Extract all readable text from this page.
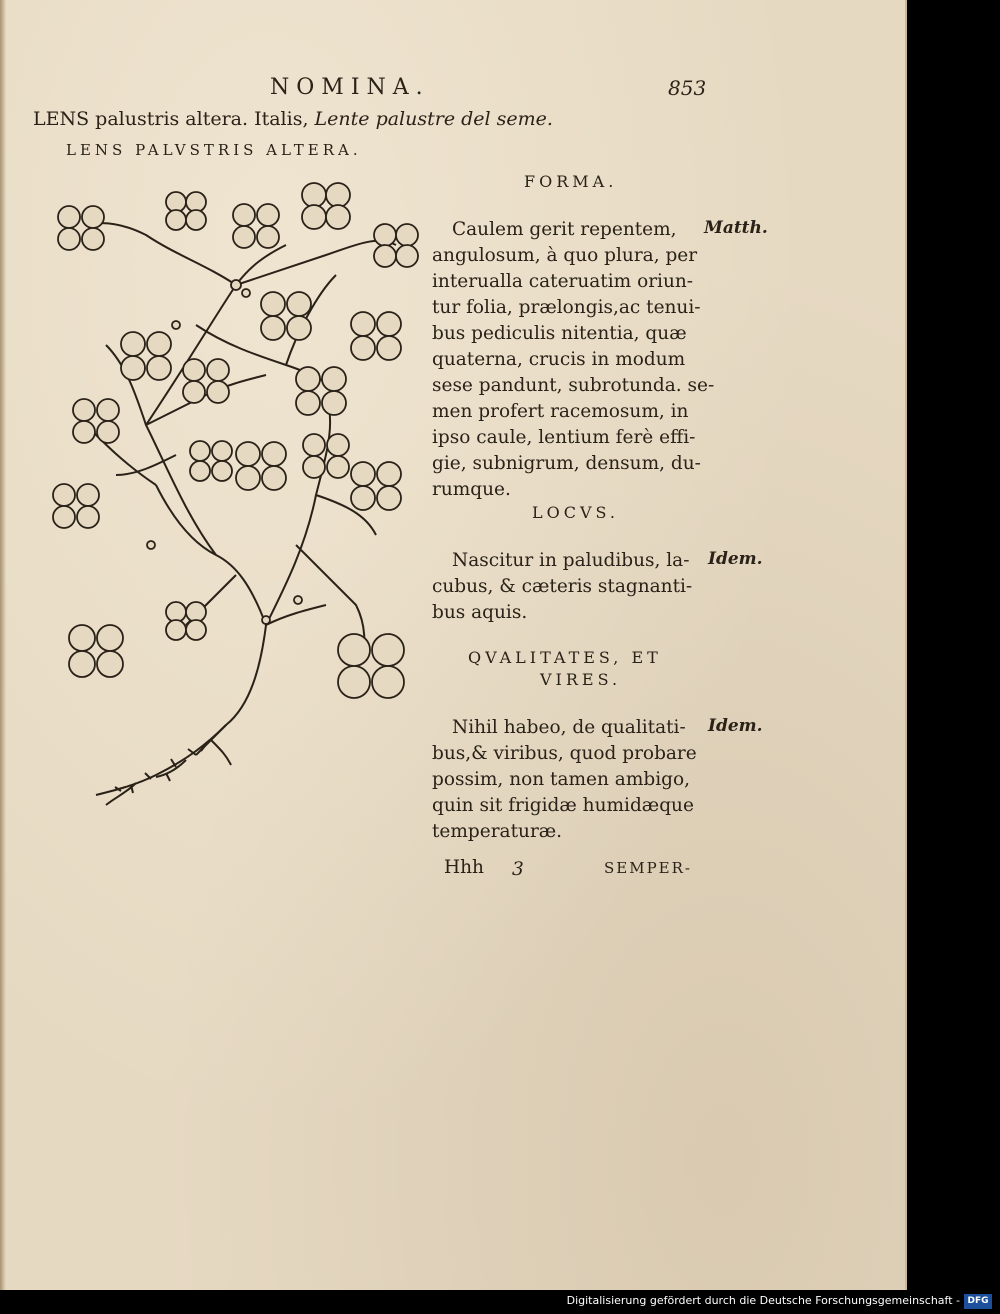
NOMINA.	853
LENS palustris altera. Italis, Lente palustre del seme.
LENS PALVSTRIS ALTERA.
FORMA.
Matth.
Caulem gerit repentem,
angulosum, à quo plura, per
interualla cateruatim oriun-
tur folia, prælongis,ac tenui-
bus pediculis nitentia, quæ
quaterna, crucis in modum
sese pandunt, subrotunda. se-
men profert racemosum, in
ipso caule, lentium ferè effi-
gie, subnigrum, densum, du-
rumque.
LOCVS.
Idem.
Nascitur in paludibus, la-
cubus, & cæteris stagnanti-
bus aquis.
QVALITATES, ET
VIRES.
Idem.
Nihil habeo, de qualitati-
bus,& viribus, quod probare
possim, non tamen ambigo,
quin sit frigidæ humidæque
temperaturæ.
Hhh 3	SEMPER-
Digitalisierung gefördert durch die Deutsche Forschungsgemeinschaft - DFG
